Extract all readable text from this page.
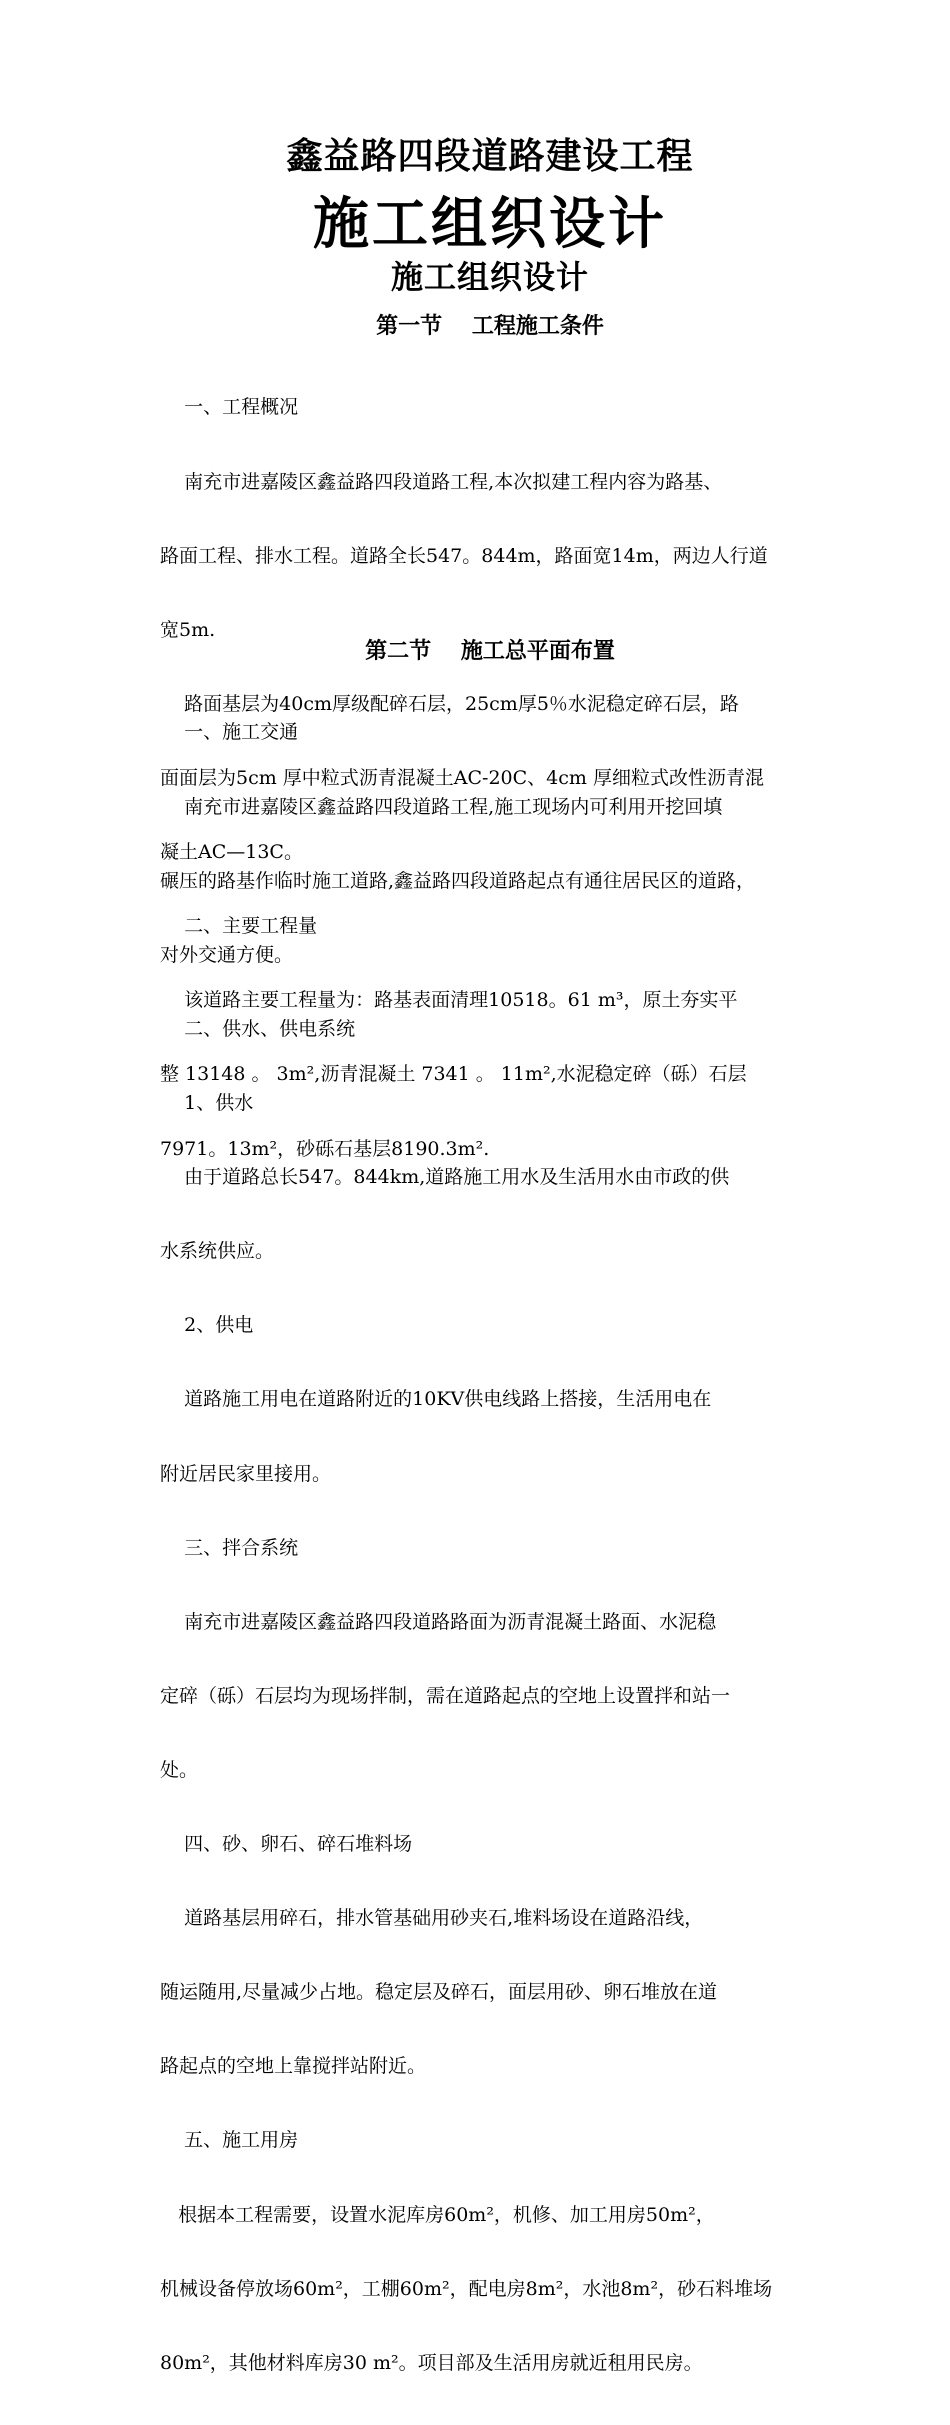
鑫益路四段道路建设工程
施工组织设计
施工组织设计
第一节　 工程施工条件

一、工程概况

南充市进嘉陵区鑫益路四段道路工程,本次拟建工程内容为路基、

路面工程、排水工程。道路全长547。844m，路面宽14m，两边人行道

宽5m.

路面基层为40cm厚级配碎石层，25cm厚5％水泥稳定碎石层，路

面面层为5cm 厚中粒式沥青混凝土AC-20C、4cm 厚细粒式改性沥青混

凝土AC—13C。

二、主要工程量

该道路主要工程量为：路基表面清理10518。61 m³，原土夯实平

整 13148 。 3m²,沥青混凝土 7341 。 11m²,水泥稳定碎（砾）石层

7971。13m²，砂砾石基层8190.3m².

第二节　 施工总平面布置

一、施工交通

南充市进嘉陵区鑫益路四段道路工程,施工现场内可利用开挖回填

碾压的路基作临时施工道路,鑫益路四段道路起点有通往居民区的道路，

对外交通方便。

二、供水、供电系统

1、供水

由于道路总长547。844km,道路施工用水及生活用水由市政的供

水系统供应。

2、供电

道路施工用电在道路附近的10KV供电线路上搭接，生活用电在

附近居民家里接用。

三、拌合系统

南充市进嘉陵区鑫益路四段道路路面为沥青混凝土路面、水泥稳

定碎（砾）石层均为现场拌制，需在道路起点的空地上设置拌和站一

处。

四、砂、卵石、碎石堆料场

道路基层用碎石，排水管基础用砂夹石,堆料场设在道路沿线，

随运随用,尽量减少占地。稳定层及碎石，面层用砂、卵石堆放在道

路起点的空地上靠搅拌站附近。

五、施工用房

根据本工程需要，设置水泥库房60m²，机修、加工用房50m²，

机械设备停放场60m²，工棚60m²，配电房8m²，水池8m²，砂石料堆场

80m²，其他材料库房30 m²。项目部及生活用房就近租用民房。
